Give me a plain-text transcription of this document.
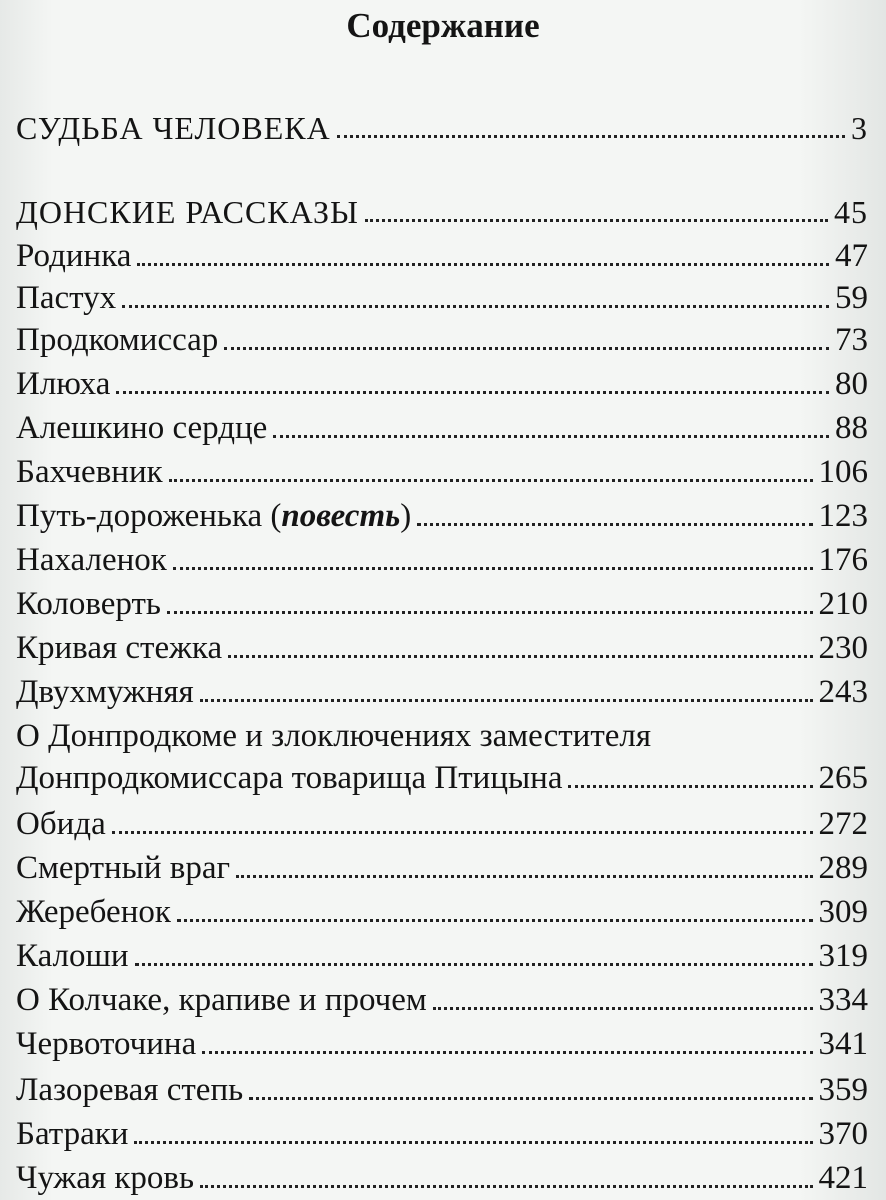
Содержание
СУДЬБА ЧЕЛОВЕКА	3
ДОНСКИЕ РАССКАЗЫ	45
Родинка	47
Пастух	59
Продкомиссар	73
Илюха	80
Алешкино сердце	88
Бахчевник	106
Путь-дороженька (повесть)	123
Нахаленок	176
Коловерть	210
Кривая стежка	230
Двухмужняя	243
О Донпродкоме и злоключениях заместителя
Донпродкомиссара товарища Птицына	265
Обида	272
Смертный враг	289
Жеребенок	309
Калоши	319
О Колчаке, крапиве и прочем	334
Червоточина	341
Лазоревая степь	359
Батраки	370
Чужая кровь	421
